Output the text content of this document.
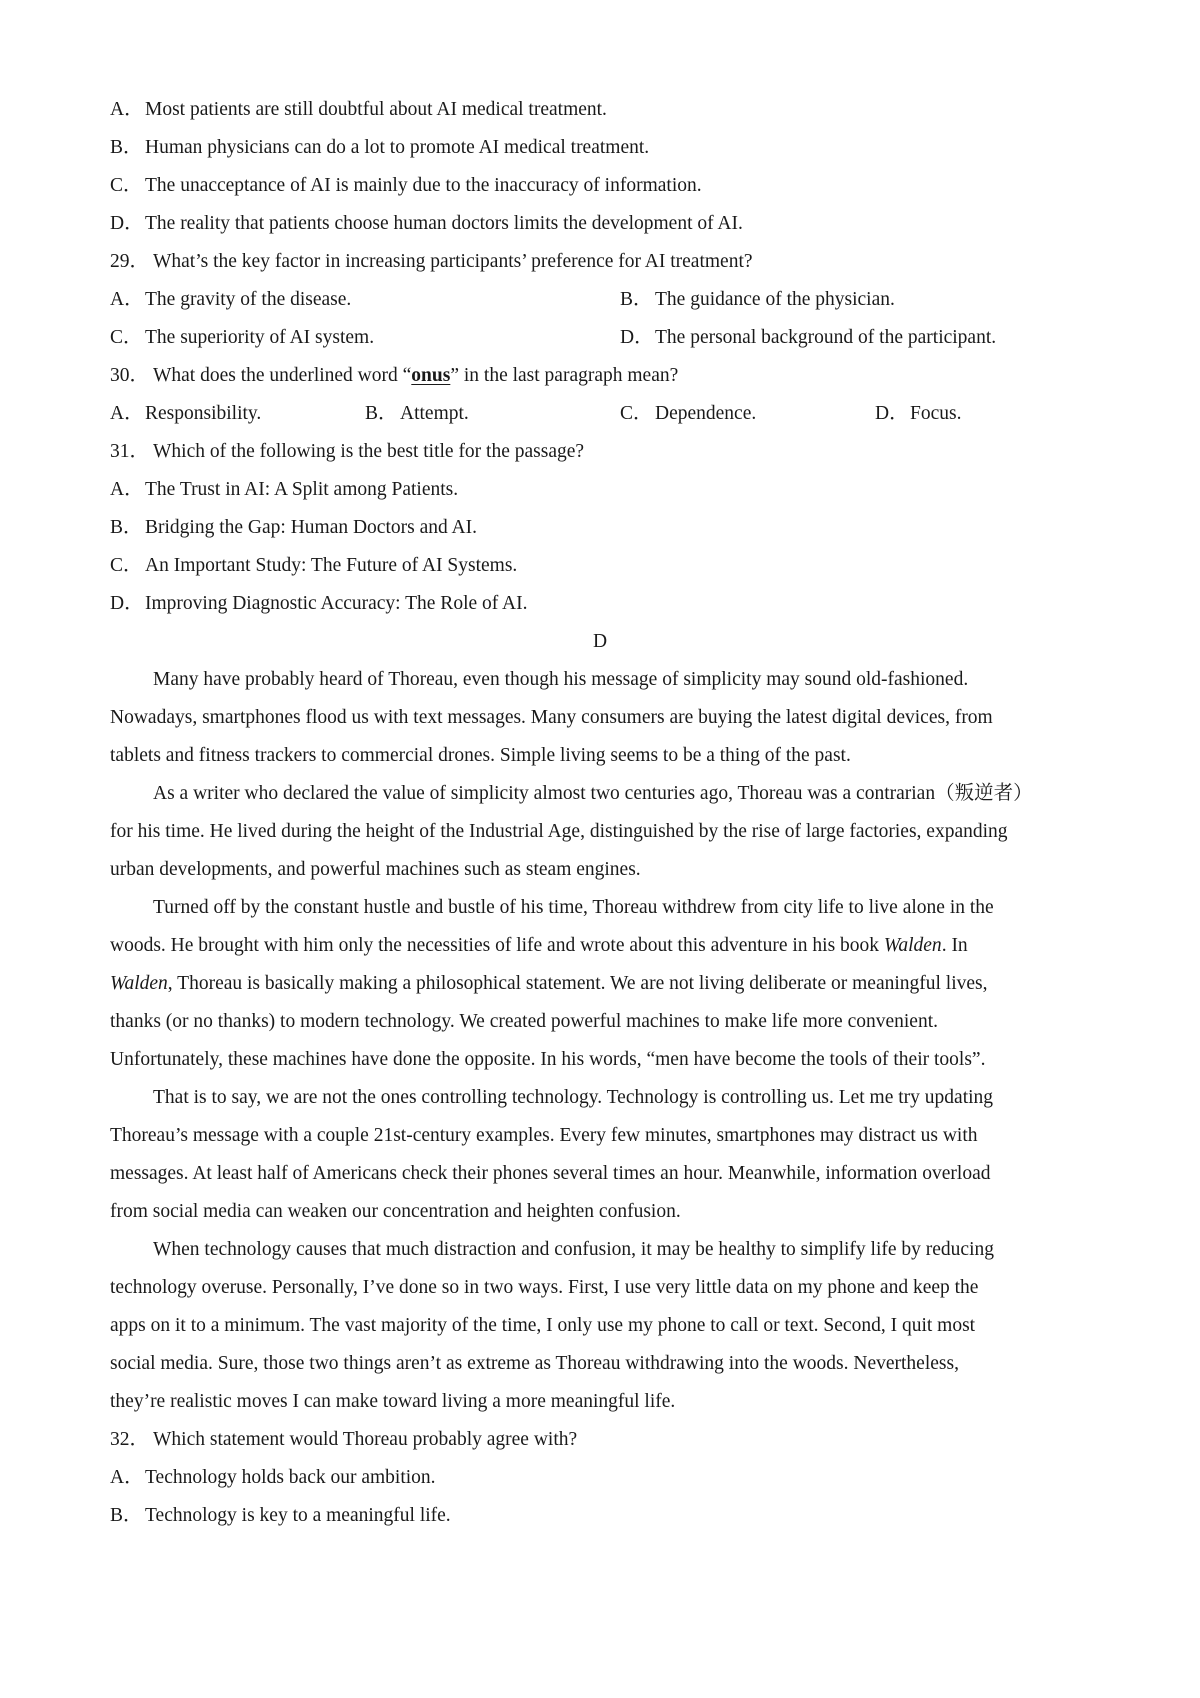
A．Most patients are still doubtful about AI medical treatment.
B． Human physicians can do a lot to promote AI medical treatment.
C． The unacceptance of AI is mainly due to the inaccuracy of information.
D．The reality that patients choose human doctors limits the development of AI.
29． What’s the key factor in increasing participants’ preference for AI treatment?
A．The gravity of the disease.	B． The guidance of the physician.
C． The superiority of AI system.	D．The personal background of the participant.
30． What does the underlined word “onus” in the last paragraph mean?
A．Responsibility.	B． Attempt.	C． Dependence.	D．Focus.
31． Which of the following is the best title for the passage?
A．The Trust in AI: A Split among Patients.
B． Bridging the Gap: Human Doctors and AI.
C． An Important Study: The Future of AI Systems.
D．Improving Diagnostic Accuracy: The Role of AI.
D
Many have probably heard of Thoreau, even though his message of simplicity may sound old-fashioned.
Nowadays, smartphones flood us with text messages. Many consumers are buying the latest digital devices, from
tablets and fitness trackers to commercial drones. Simple living seems to be a thing of the past.
As a writer who declared the value of simplicity almost two centuries ago, Thoreau was a contrarian（叛逆者）
for his time. He lived during the height of the Industrial Age, distinguished by the rise of large factories, expanding
urban developments, and powerful machines such as steam engines.
Turned off by the constant hustle and bustle of his time, Thoreau withdrew from city life to live alone in the
woods. He brought with him only the necessities of life and wrote about this adventure in his book Walden. In
Walden, Thoreau is basically making a philosophical statement. We are not living deliberate or meaningful lives,
thanks (or no thanks) to modern technology. We created powerful machines to make life more convenient.
Unfortunately, these machines have done the opposite. In his words, “men have become the tools of their tools”.
That is to say, we are not the ones controlling technology. Technology is controlling us. Let me try updating
Thoreau’s message with a couple 21st-century examples. Every few minutes, smartphones may distract us with
messages. At least half of Americans check their phones several times an hour. Meanwhile, information overload
from social media can weaken our concentration and heighten confusion.
When technology causes that much distraction and confusion, it may be healthy to simplify life by reducing
technology overuse. Personally, I’ve done so in two ways. First, I use very little data on my phone and keep the
apps on it to a minimum. The vast majority of the time, I only use my phone to call or text. Second, I quit most
social media. Sure, those two things aren’t as extreme as Thoreau withdrawing into the woods. Nevertheless,
they’re realistic moves I can make toward living a more meaningful life.
32． Which statement would Thoreau probably agree with?
A．Technology holds back our ambition.
B． Technology is key to a meaningful life.
